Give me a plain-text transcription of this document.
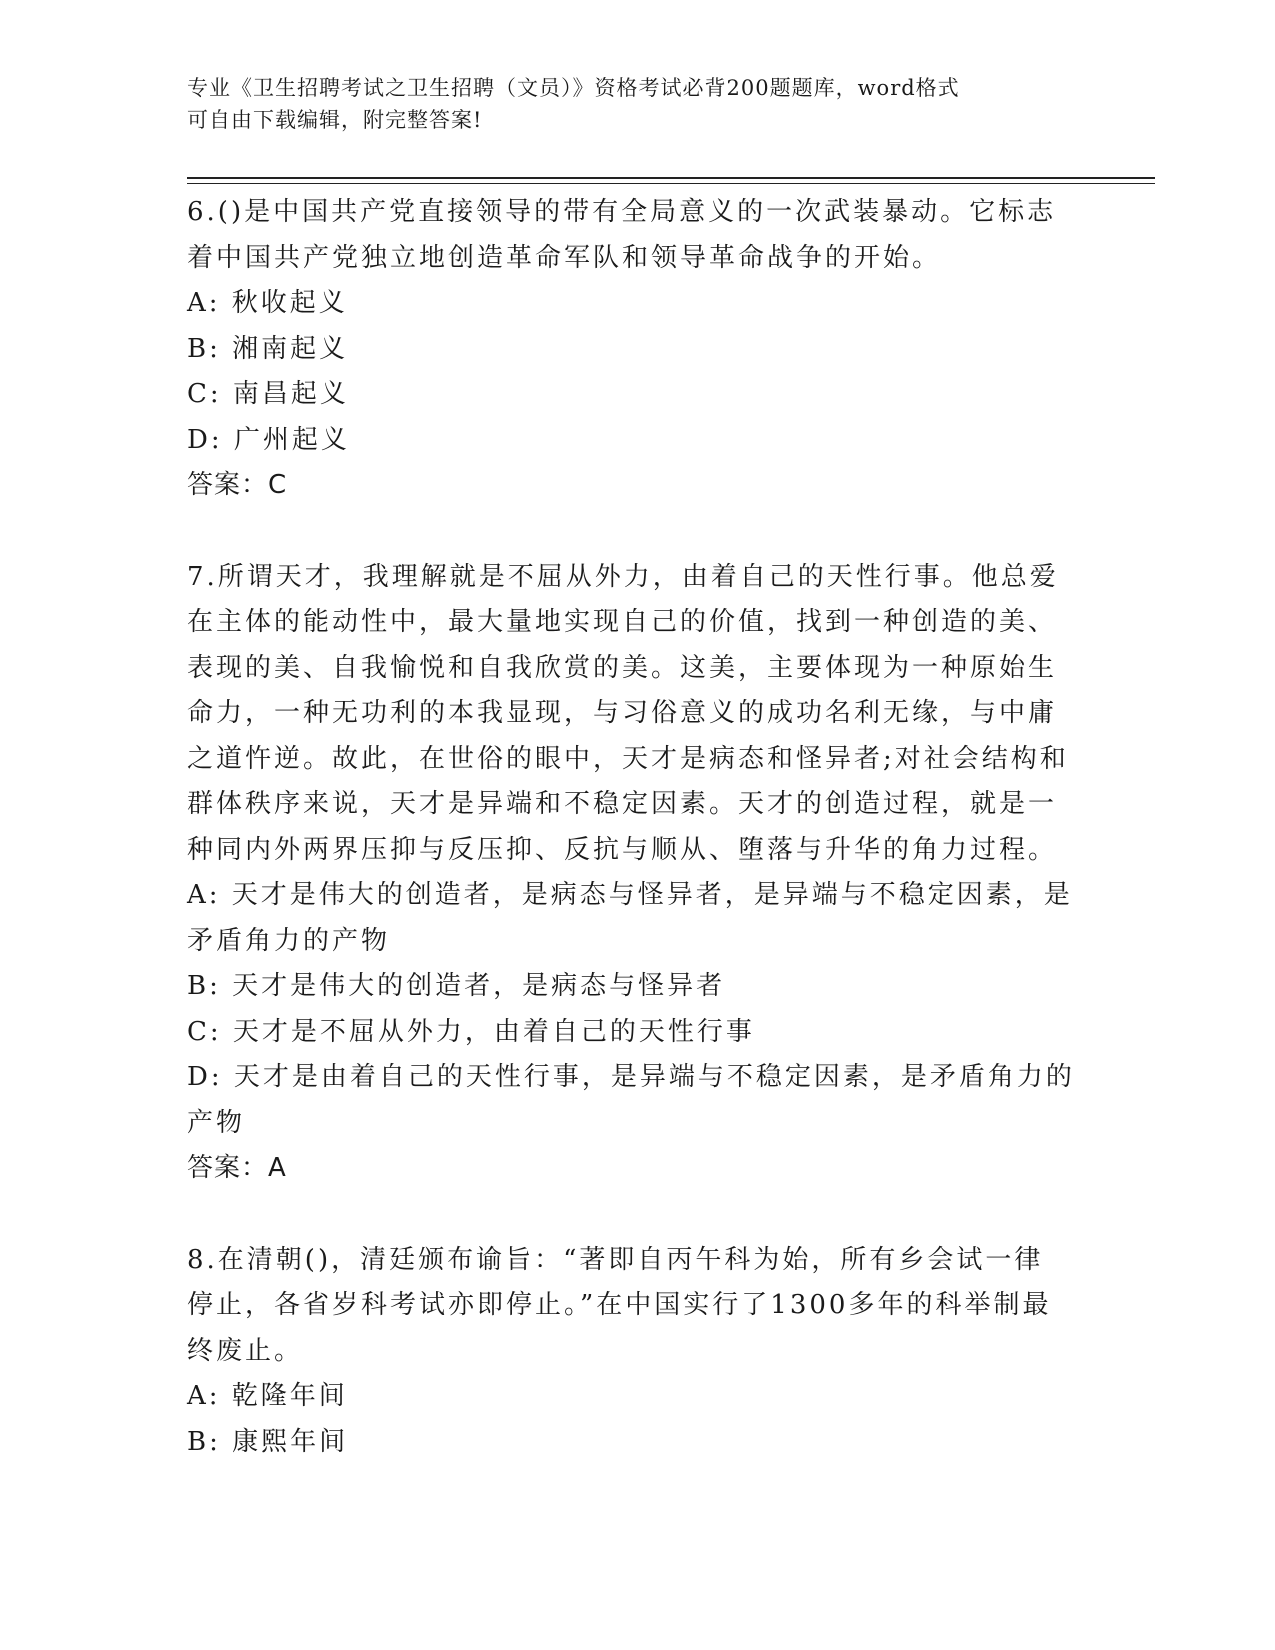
专业《卫生招聘考试之卫生招聘（文员）》资格考试必背200题题库，word格式
可自由下载编辑，附完整答案!

6.()是中国共产党直接领导的带有全局意义的一次武装暴动。它标志

着中国共产党独立地创造革命军队和领导革命战争的开始。

A: 秋收起义

B: 湘南起义

C: 南昌起义

D: 广州起义

答案：C

7.所谓天才，我理解就是不屈从外力，由着自己的天性行事。他总爱

在主体的能动性中，最大量地实现自己的价值，找到一种创造的美、

表现的美、自我愉悦和自我欣赏的美。这美，主要体现为一种原始生

命力，一种无功利的本我显现，与习俗意义的成功名利无缘，与中庸

之道忤逆。故此，在世俗的眼中，天才是病态和怪异者;对社会结构和

群体秩序来说，天才是异端和不稳定因素。天才的创造过程，就是一

种同内外两界压抑与反压抑、反抗与顺从、堕落与升华的角力过程。

A: 天才是伟大的创造者，是病态与怪异者，是异端与不稳定因素，是

矛盾角力的产物

B: 天才是伟大的创造者，是病态与怪异者

C: 天才是不屈从外力，由着自己的天性行事

D: 天才是由着自己的天性行事，是异端与不稳定因素，是矛盾角力的

产物

答案：A

8.在清朝()，清廷颁布谕旨：“著即自丙午科为始，所有乡会试一律

停止，各省岁科考试亦即停止。”在中国实行了1300多年的科举制最

终废止。

A: 乾隆年间

B: 康熙年间
